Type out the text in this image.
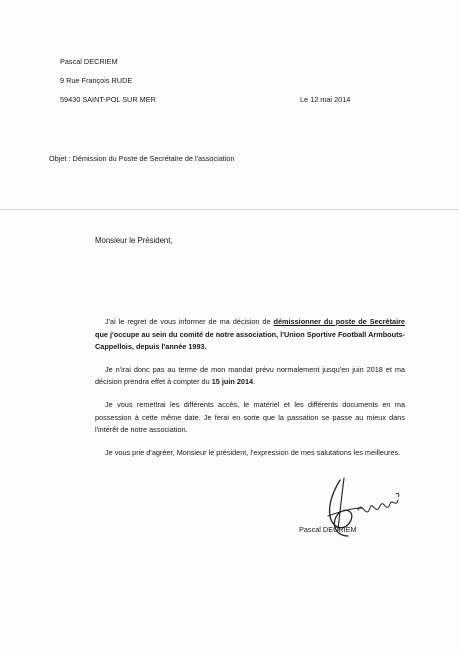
Pascal DECRIEM
9 Rue François RUDE
59430 SAINT-POL SUR MER	Le 12 mai 2014
Objet : Démission du Poste de Secrétaire de l'association
Monsieur le Président,

J'ai le regret de vous informer de ma décision de démissionner du poste de Secrétaire que j'occupe au sein du comité de notre association, l'Union Sportive Football Armbouts-Cappellois, depuis l'année 1993.

Je n'irai donc pas au terme de mon mandat prévu normalement jusqu'en juin 2018 et ma décision prendra effet à compter du 15 juin 2014.

Je vous remettrai les différents accès, le matériel et les différents documents en ma possession à cette même date. Je ferai en sorte que la passation se passe au mieux dans l'intérêt de notre association.

Je vous prie d'agréer, Monsieur le président, l'expression de mes salutations les meilleures.

Pascal DECRIEM
